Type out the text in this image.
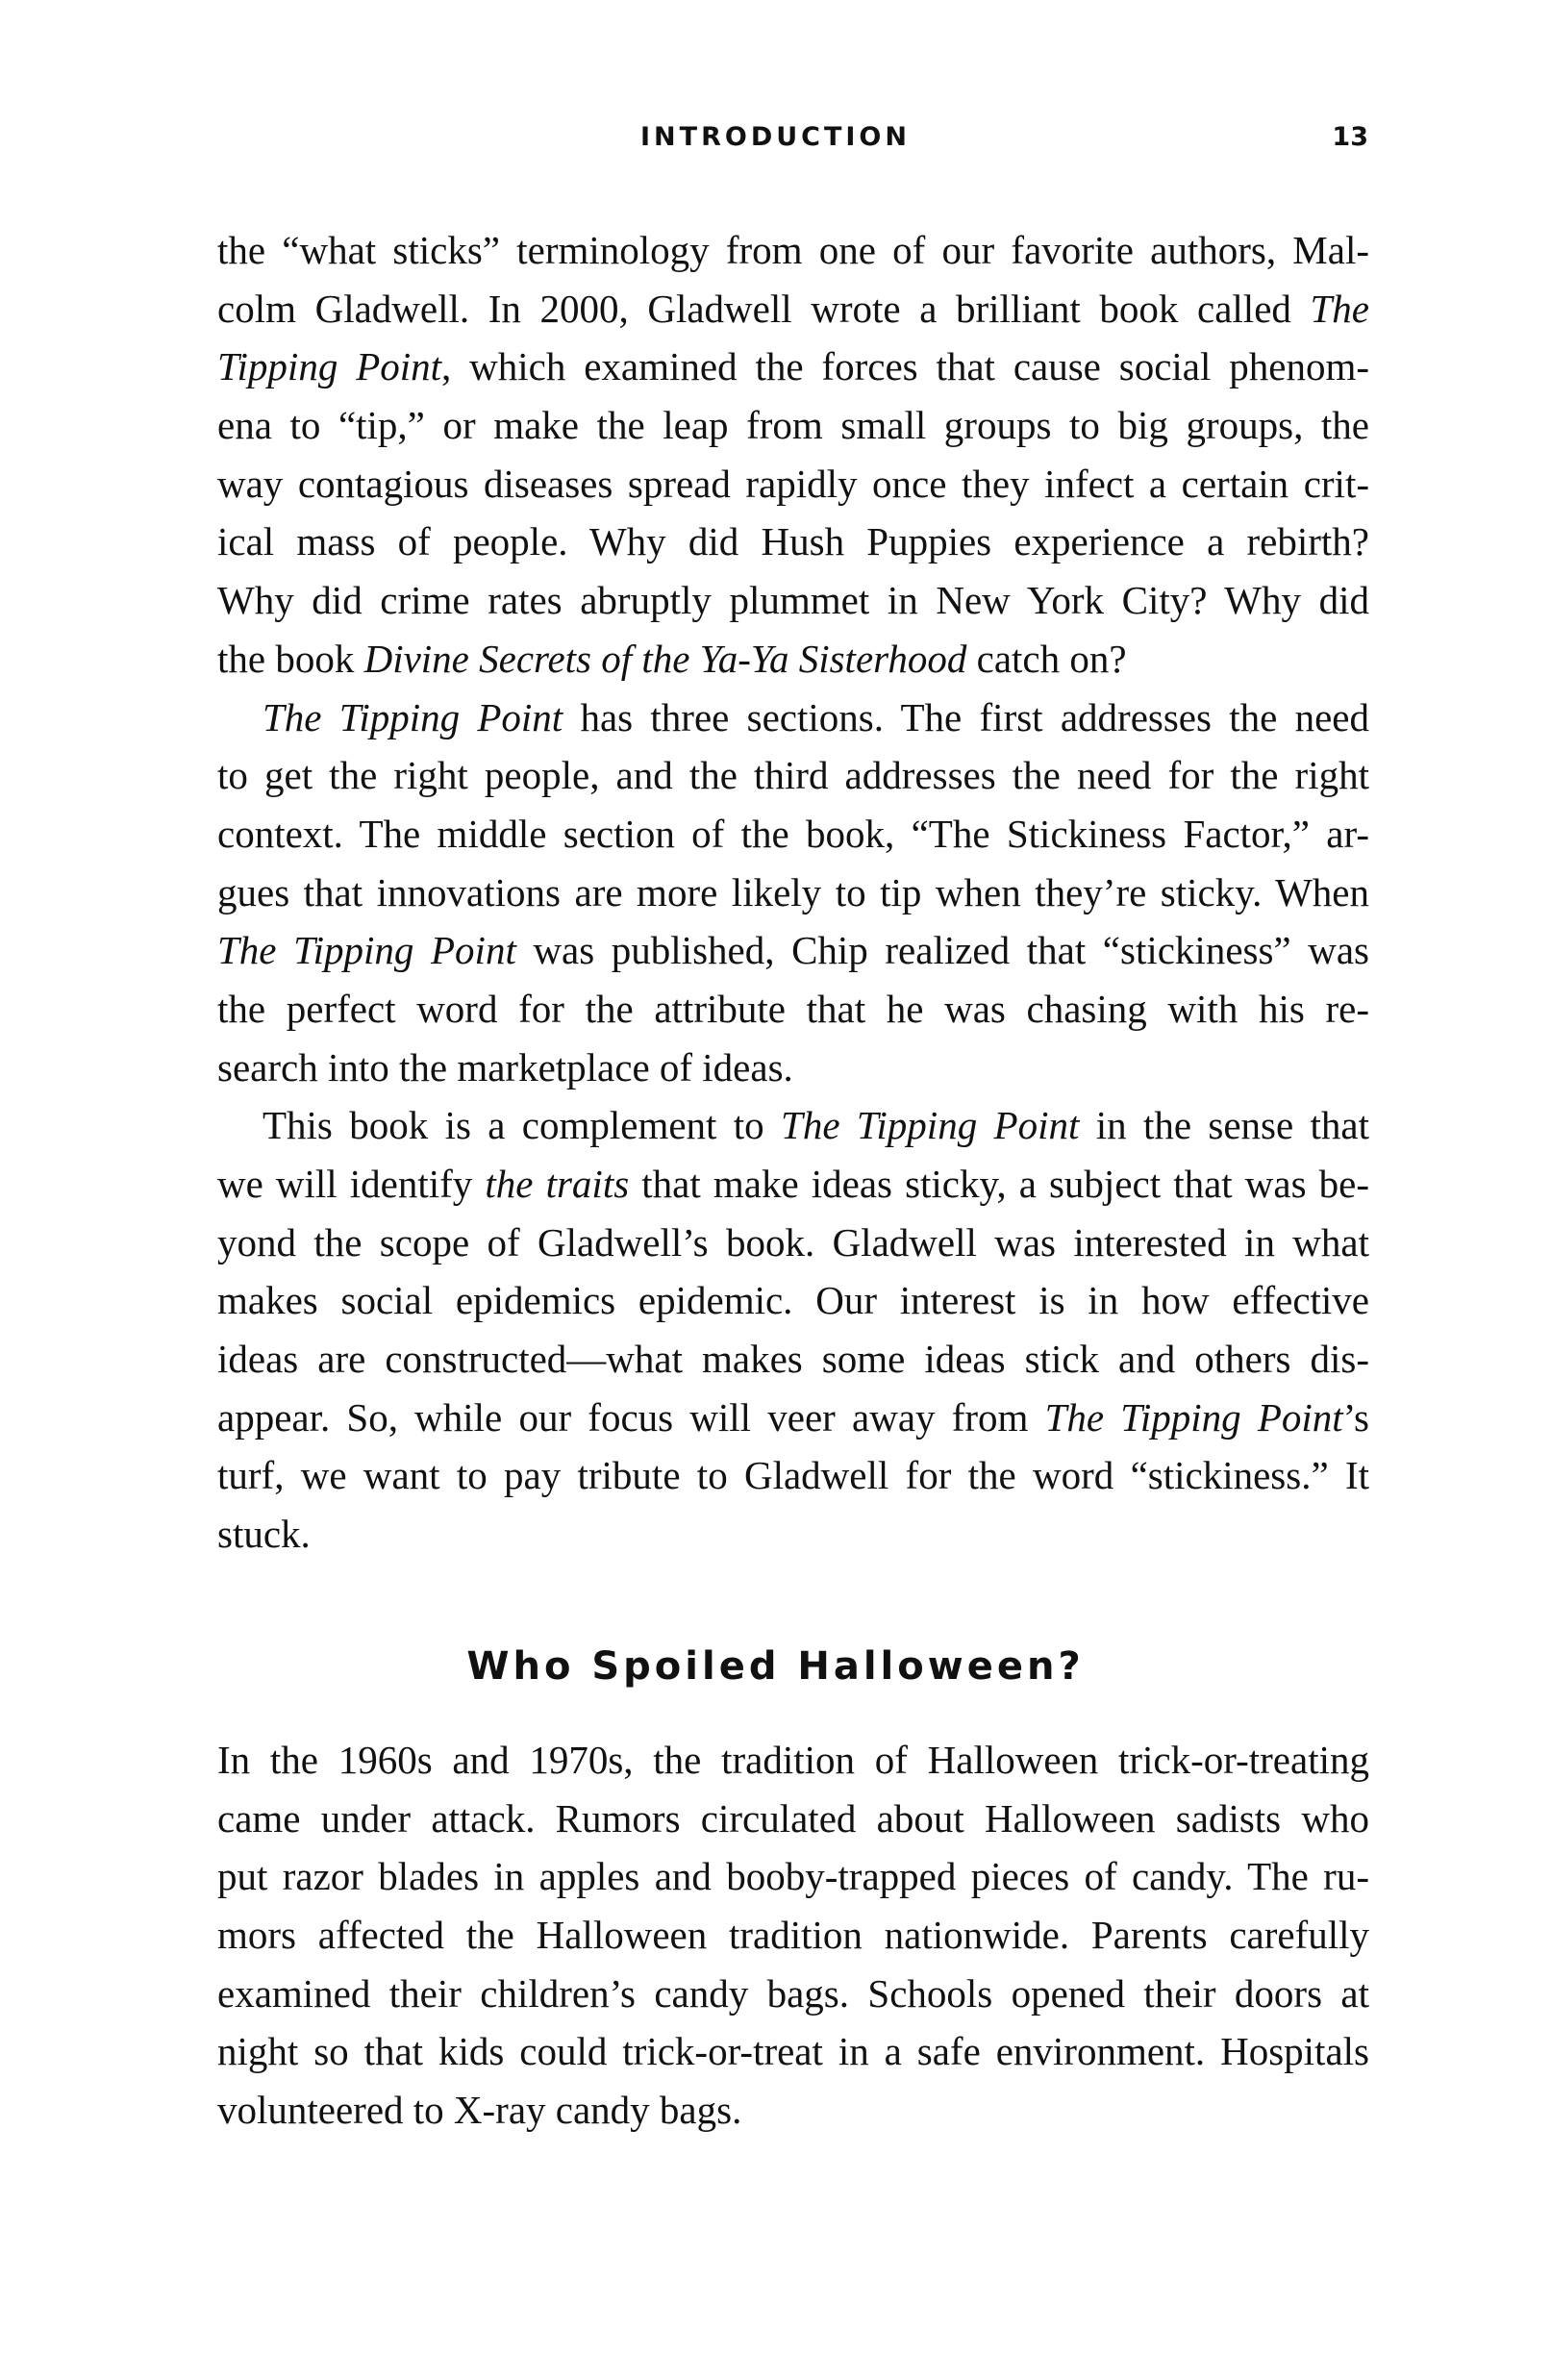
INTRODUCTION	13
the “what sticks” terminology from one of our favorite authors, Mal-
colm Gladwell. In 2000, Gladwell wrote a brilliant book called The
Tipping Point, which examined the forces that cause social phenom-
ena to “tip,” or make the leap from small groups to big groups, the
way contagious diseases spread rapidly once they infect a certain crit-
ical mass of people. Why did Hush Puppies experience a rebirth?
Why did crime rates abruptly plummet in New York City? Why did
the book Divine Secrets of the Ya-Ya Sisterhood catch on?
The Tipping Point has three sections. The first addresses the need
to get the right people, and the third addresses the need for the right
context. The middle section of the book, “The Stickiness Factor,” ar-
gues that innovations are more likely to tip when they’re sticky. When
The Tipping Point was published, Chip realized that “stickiness” was
the perfect word for the attribute that he was chasing with his re-
search into the marketplace of ideas.
This book is a complement to The Tipping Point in the sense that
we will identify the traits that make ideas sticky, a subject that was be-
yond the scope of Gladwell’s book. Gladwell was interested in what
makes social epidemics epidemic. Our interest is in how effective
ideas are constructed—what makes some ideas stick and others dis-
appear. So, while our focus will veer away from The Tipping Point’s
turf, we want to pay tribute to Gladwell for the word “stickiness.” It
stuck.
Who Spoiled Halloween?
In the 1960s and 1970s, the tradition of Halloween trick-or-treating
came under attack. Rumors circulated about Halloween sadists who
put razor blades in apples and booby-trapped pieces of candy. The ru-
mors affected the Halloween tradition nationwide. Parents carefully
examined their children’s candy bags. Schools opened their doors at
night so that kids could trick-or-treat in a safe environment. Hospitals
volunteered to X-ray candy bags.
